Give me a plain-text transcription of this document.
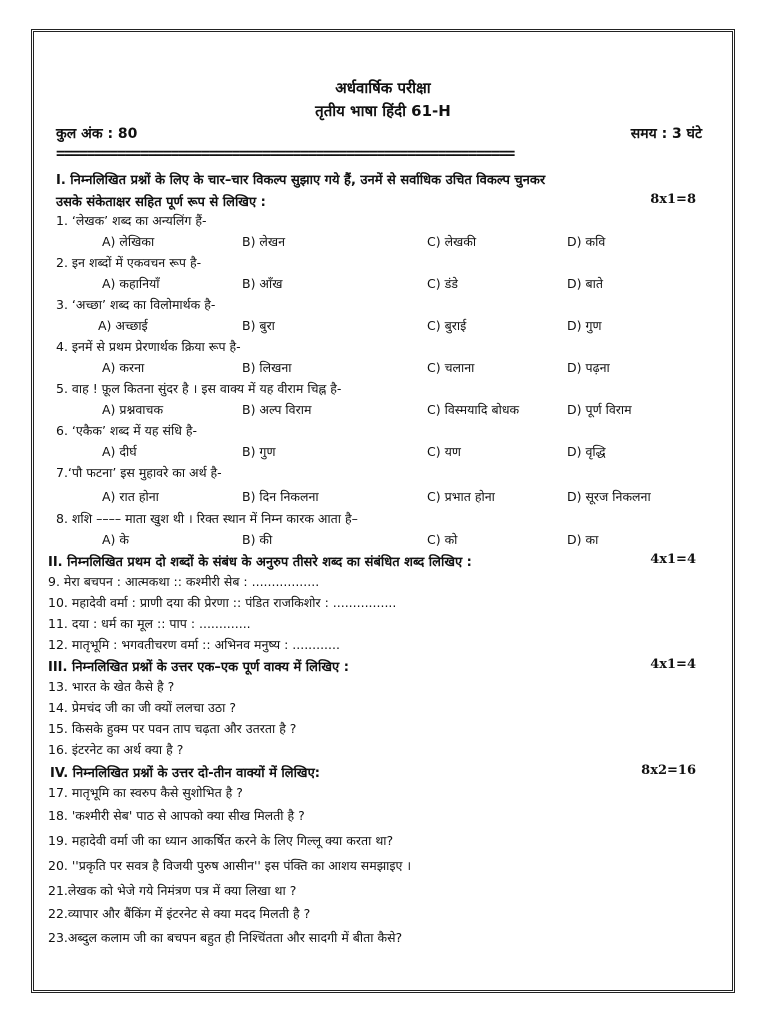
अर्धवार्षिक परीक्षा
तृतीय भाषा हिंदी 61-H
कुल अंक : 80	समय : 3 घंटे
============================================================
I. निम्नलिखित प्रश्नों के लिए के चार–चार विकल्प सुझाए गये हैं, उनमें से सर्वाधिक उचित विकल्प चुनकर
उसके संकेताक्षर सहित पूर्ण रूप से लिखिए :	8x1=8
1. ‘लेखक’ शब्द का अन्यलिंग हैं-
A) लेखिका	B) लेखन	C) लेखकी	D) कवि
2. इन शब्दों में एकवचन रूप है-
A) कहानियाँ	B) आँख	C) डंडे	D) बाते
3. ‘अच्छा’ शब्द का विलोमार्थक है-
A) अच्छाई	B) बुरा	C) बुराई	D) गुण
4. इनमें से प्रथम प्रेरणार्थक क्रिया रूप है-
A) करना	B) लिखना	C) चलाना	D) पढ़ना
5. वाह ! फ़ूल कितना सुंदर है । इस वाक्य में यह वीराम चिह्न है-
A) प्रश्नवाचक	B) अल्प विराम	C) विस्मयादि बोधक	D) पूर्ण विराम
6. ‘एकैक’ शब्द में यह संधि है-
A) दीर्घ	B) गुण	C) यण	D) वृद्धि
7.‘पौ फटना’ इस मुहावरे का अर्थ है-
A) रात होना	B) दिन निकलना	C) प्रभात होना	D) सूरज निकलना
8. शशि –––– माता खुश थी । रिक्त स्थान में निम्न कारक आता है–
A) के	B) की	C) को	D) का
II. निम्नलिखित प्रथम दो शब्दों के संबंध के अनुरुप तीसरे शब्द का संबंधित शब्द लिखिए :	4x1=4
9. मेरा बचपन : आत्मकथा :: कश्मीरी सेब : .................
10. महादेवी वर्मा : प्राणी दया की प्रेरणा :: पंडित राजकिशोर : ................
11. दया : धर्म का मूल :: पाप : .............
12. मातृभूमि : भगवतीचरण वर्मा :: अभिनव मनुष्य : ............
III. निम्नलिखित प्रश्नों के उत्तर एक–एक पूर्ण वाक्य में लिखिए :	4x1=4
13. भारत के खेत कैसे है ?
14. प्रेमचंद जी का जी क्यों ललचा उठा ?
15. किसके हुक्म पर पवन ताप चढ़ता और उतरता है ?
16. इंटरनेट का अर्थ क्या है ?
IV. निम्नलिखित प्रश्नों के उत्तर दो-तीन वाक्यों में लिखिए:	8x2=16
17. मातृभूमि का स्वरुप कैसे सुशोभित है ?
18. 'कश्मीरी सेब' पाठ से आपको क्या सीख मिलती है ?
19. महादेवी वर्मा जी का ध्यान आकर्षित करने के लिए गिल्लू क्या करता था?
20. ''प्रकृति पर सवत्र है विजयी पुरुष आसीन'' इस पंक्ति का आशय समझाइए ।
21.लेखक को भेजे गये निमंत्रण पत्र में क्या लिखा था ?
22.व्यापार और बैंकिंग में इंटरनेट से क्या मदद मिलती है ?
23.अब्दुल कलाम जी का बचपन बहुत ही निश्चिंतता और सादगी में बीता कैसे?
